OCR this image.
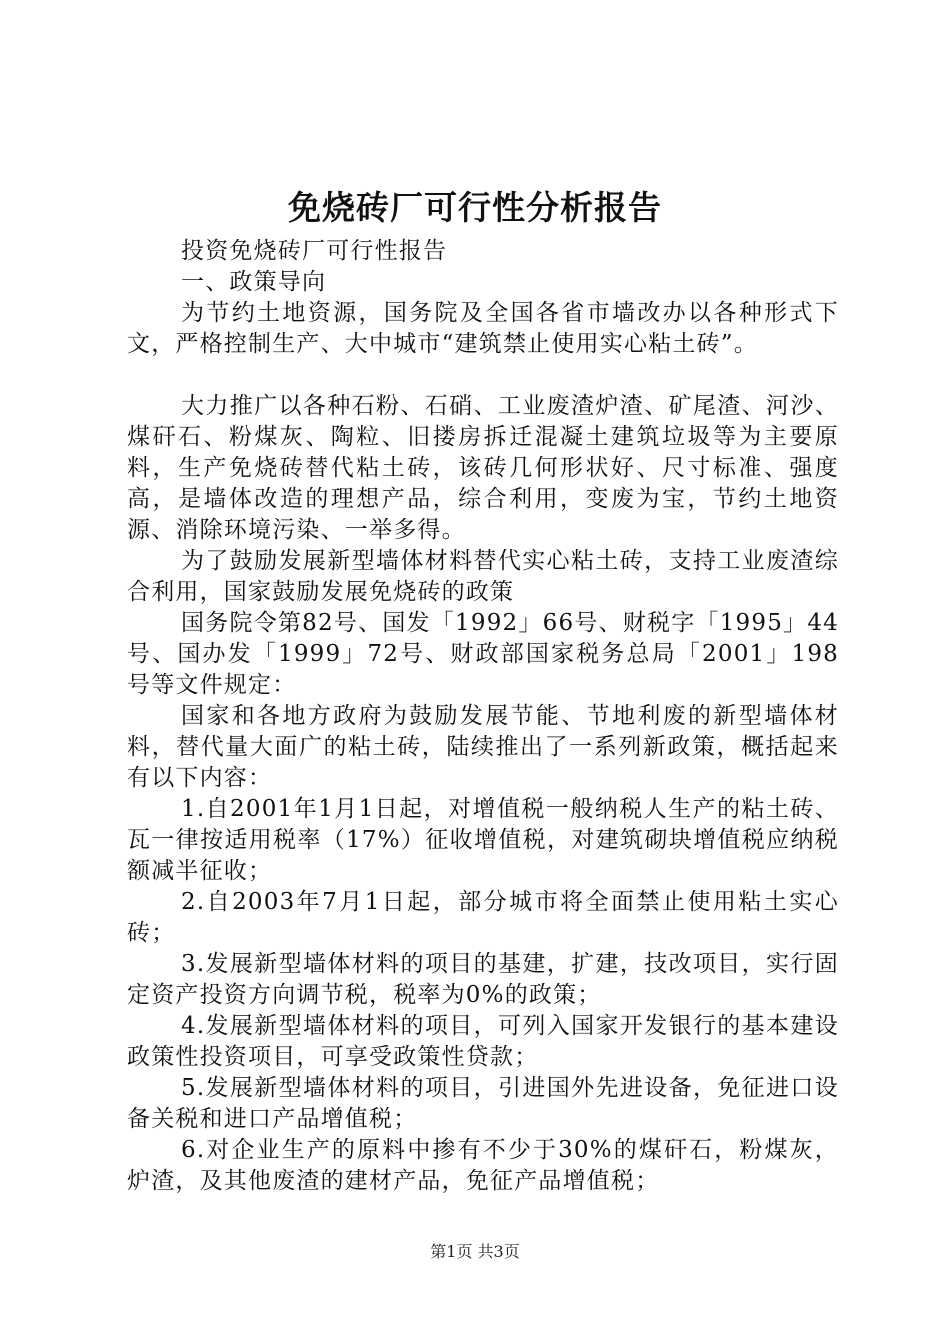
免烧砖厂可行性分析报告

投资免烧砖厂可行性报告

一、政策导向

为节约土地资源，国务院及全国各省市墙改办以各种形式下文，严格控制生产、大中城市“建筑禁止使用实心粘土砖”。

大力推广以各种石粉、石硝、工业废渣炉渣、矿尾渣、河沙、煤矸石、粉煤灰、陶粒、旧搂房拆迁混凝土建筑垃圾等为主要原料，生产免烧砖替代粘土砖，该砖几何形状好、尺寸标准、强度高，是墙体改造的理想产品，综合利用，变废为宝，节约土地资源、消除环境污染、一举多得。

为了鼓励发展新型墙体材料替代实心粘土砖，支持工业废渣综合利用，国家鼓励发展免烧砖的政策

国务院令第82号、国发「1992」66号、财税字「1995」44号、国办发「1999」72号、财政部国家税务总局「2001」198号等文件规定：

国家和各地方政府为鼓励发展节能、节地利废的新型墙体材料，替代量大面广的粘土砖，陆续推出了一系列新政策，概括起来有以下内容：

1.自2001年1月1日起，对增值税一般纳税人生产的粘土砖、瓦一律按适用税率（17%）征收增值税，对建筑砌块增值税应纳税额减半征收；

2.自2003年7月1日起，部分城市将全面禁止使用粘土实心砖；

3.发展新型墙体材料的项目的基建，扩建，技改项目，实行固定资产投资方向调节税，税率为0%的政策；

4.发展新型墙体材料的项目，可列入国家开发银行的基本建设政策性投资项目，可享受政策性贷款；

5.发展新型墙体材料的项目，引进国外先进设备，免征进口设备关税和进口产品增值税；

6.对企业生产的原料中掺有不少于30%的煤矸石，粉煤灰，炉渣，及其他废渣的建材产品，免征产品增值税；

第1页 共3页
